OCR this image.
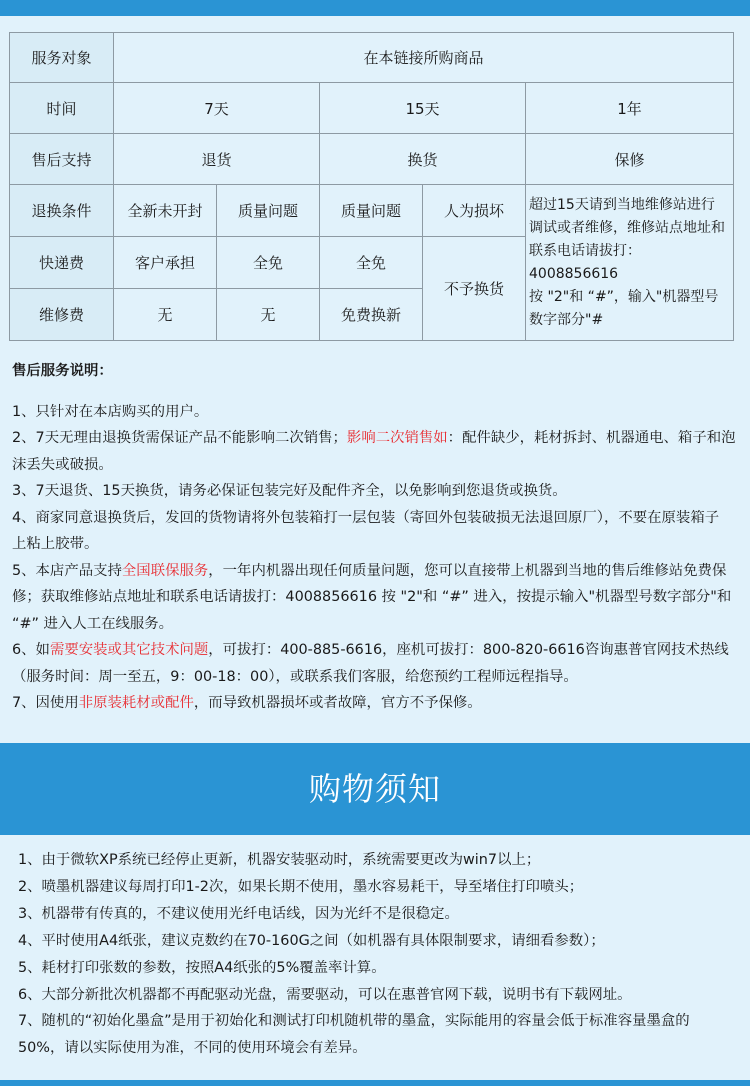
服务对象	在本链接所购商品				
时间	7天		15天		1年
售后支持	退货		换货		保修
退换条件	全新未开封	质量问题	质量问题	人为损坏	超过15天请到当地维修站进行
调试或者维修，维修站点地址和
联系电话请拔打：4008856616
按 "2"和 “#”，输入"机器型号
数字部分"#

快递费	客户承担	全免	全免	不予换货	
维修费	无	无	免费换新		
售后服务说明：
1、只针对在本店购买的用户。
2、7天无理由退换货需保证产品不能影响二次销售；影响二次销售如：配件缺少，耗材拆封、机器通电、箱子和泡
沫丢失或破损。
3、7天退货、15天换货，请务必保证包装完好及配件齐全，以免影响到您退货或换货。
4、商家同意退换货后，发回的货物请将外包装箱打一层包装（寄回外包装破损无法退回原厂），不要在原装箱子
上粘上胶带。
5、本店产品支持全国联保服务，一年内机器出现任何质量问题，您可以直接带上机器到当地的售后维修站免费保
修；获取维修站点地址和联系电话请拔打：4008856616 按 "2"和 “#” 进入，按提示输入"机器型号数字部分"和
“#” 进入人工在线服务。
6、如需要安装或其它技术问题，可拔打：400-885-6616，座机可拔打：800-820-6616咨询惠普官网技术热线
（服务时间：周一至五，9：00-18：00），或联系我们客服，给您预约工程师远程指导。
7、因使用非原装耗材或配件，而导致机器损坏或者故障，官方不予保修。
购物须知
1、由于微软XP系统已经停止更新，机器安装驱动时，系统需要更改为win7以上；
2、喷墨机器建议每周打印1-2次，如果长期不使用，墨水容易耗干，导至堵住打印喷头；
3、机器带有传真的，不建议使用光纤电话线，因为光纤不是很稳定。
4、平时使用A4纸张，建议克数约在70-160G之间（如机器有具体限制要求，请细看参数）；
5、耗材打印张数的参数，按照A4纸张的5%覆盖率计算。
6、大部分新批次机器都不再配驱动光盘，需要驱动，可以在惠普官网下载，说明书有下载网址。
7、随机的“初始化墨盒”是用于初始化和测试打印机随机带的墨盒，实际能用的容量会低于标准容量墨盒的
50%，请以实际使用为准，不同的使用环境会有差异。
